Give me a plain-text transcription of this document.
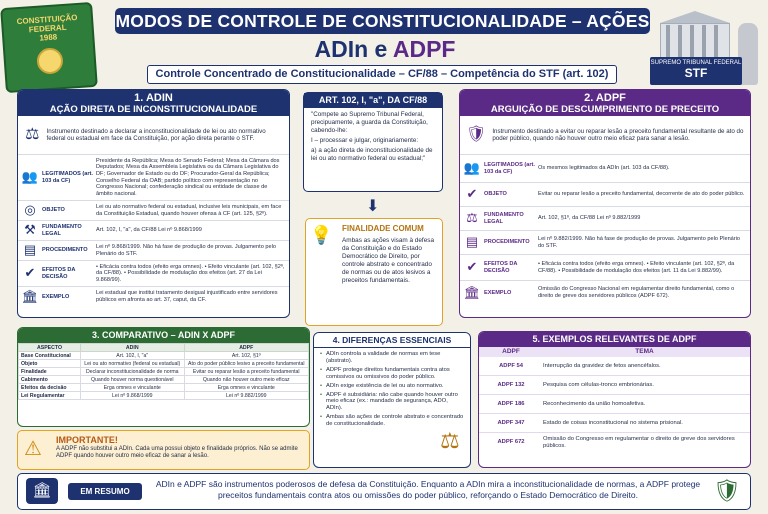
CONSTITUIÇÃO
FEDERAL
1988
SUPREMO TRIBUNAL FEDERAL
STF
MODOS DE CONTROLE DE CONSTITUCIONALIDADE – AÇÕES
ADIn e ADPF
Controle Concentrado de Constitucionalidade – CF/88 – Competência do STF (art. 102)
1. ADIN
AÇÃO DIRETA DE INCONSTITUCIONALIDADE
⚖ Instrumento destinado a declarar a inconstitucionalidade de lei ou ato normativo federal ou estadual em face da Constituição, por ação direta perante o STF.
👥 LEGITIMADOS (art. 103 da CF)
Presidente da República; Mesa do Senado Federal; Mesa da Câmara dos Deputados; Mesa da Assembleia Legislativa ou da Câmara Legislativa do DF; Governador de Estado ou do DF; Procurador-Geral da República; Conselho Federal da OAB; partido político com representação no Congresso Nacional; confederação sindical ou entidade de classe de âmbito nacional.
◎	OBJETO
Lei ou ato normativo federal ou estadual, inclusive leis municipais, em face da Constituição Estadual, quando houver ofensa à CF (art. 125, §2º).
⚒	FUNDAMENTO LEGAL
Art. 102, I, "a", da CF/88 Lei nº 9.868/1999
▤	PROCEDIMENTO
Lei nº 9.868/1999. Não há fase de produção de provas. Julgamento pelo Plenário do STF.
✔	EFEITOS DA DECISÃO
• Eficácia contra todos (efeito erga omnes). • Efeito vinculante (art. 102, §2º, da CF/88). • Possibilidade de modulação dos efeitos (art. 27 da Lei 9.868/99).
🏛 EXEMPLO
Lei estadual que institui tratamento desigual injustificado entre servidores públicos em afronta ao art. 37, caput, da CF.
ART. 102, I, "a", DA CF/88

"Compete ao Supremo Tribunal Federal, precipuamente, a guarda da Constituição, cabendo-lhe:

I – processar e julgar, originariamente:

a) a ação direta de inconstitucionalidade de lei ou ato normativo federal ou estadual;"

⬇
💡 FINALIDADE COMUM
Ambas as ações visam à defesa da Constituição e do Estado Democrático de Direito, por controle abstrato e concentrado de normas ou de atos lesivos a preceitos fundamentais.
2. ADPF
ARGUIÇÃO DE DESCUMPRIMENTO DE PRECEITO FUNDAMENTAL
🛡 Instrumento destinado a evitar ou reparar lesão a preceito fundamental resultante de ato do poder público, quando não houver outro meio eficaz para sanar a lesão.
👥 LEGITIMADOS (art. 103 da CF)
Os mesmos legitimados da ADIn (art. 103 da CF/88).
✔	OBJETO	Evitar ou reparar lesão a preceito fundamental, decorrente de ato do poder público.
⚖	FUNDAMENTO LEGAL
Art. 102, §1º, da CF/88 Lei nº 9.882/1999
▤	PROCEDIMENTO
Lei nº 9.882/1999. Não há fase de produção de provas. Julgamento pelo Plenário do STF.
✔	EFEITOS DA DECISÃO
• Eficácia contra todos (efeito erga omnes). • Efeito vinculante (art. 102, §2º, da CF/88). • Possibilidade de modulação dos efeitos (art. 11 da Lei 9.882/99).
🏛 EXEMPLO
Omissão do Congresso Nacional em regulamentar direito fundamental, como o direito de greve dos servidores públicos (ADPF 672).
3. COMPARATIVO – ADIN X ADPF
ASPECTO	ADIN	ADPF
Base Constitucional	Art. 102, I, "a"	Art. 102, §1º
Objeto	Lei ou ato normativo (federal ou estadual)	Ato do poder público lesivo a preceito fundamental
Finalidade	Declarar inconstitucionalidade de norma	Evitar ou reparar lesão a preceito fundamental
Cabimento	Quando houver norma questionável	Quando não houver outro meio eficaz
Efeitos da decisão	Erga omnes e vinculante	Erga omnes e vinculante
Lei Regulamentar	Lei nº 9.868/1999	Lei nº 9.882/1999
⚠ IMPORTANTE!
A ADPF não substitui a ADIn. Cada uma possui objeto e finalidade próprios. Não se admite ADPF quando houver outro meio eficaz de sanar a lesão.
4. DIFERENÇAS ESSENCIAIS
• ADIn controla a validade de normas em tese (abstrato).
• ADPF protege direitos fundamentais contra atos comissivos ou omissivos do poder público.
• ADIn exige existência de lei ou ato normativo.
• ADPF é subsidiária: não cabe quando houver outro meio eficaz (ex.: mandado de segurança, ADO, ADIn).
• Ambas são ações de controle abstrato e concentrado de constitucionalidade.
⚖
5. EXEMPLOS RELEVANTES DE ADPF
ADPF	TEMA
ADPF 54	Interrupção da gravidez de fetos anencéfalos.
ADPF 132	Pesquisa com células-tronco embrionárias.
ADPF 186	Reconhecimento da união homoafetiva.
ADPF 347	Estado de coisas inconstitucional no sistema prisional.
ADPF 672
Omissão do Congresso em regulamentar o direito de greve dos servidores públicos.
🏛	EM RESUMO
ADIn e ADPF são instrumentos poderosos de defesa da Constituição. Enquanto a ADIn mira a inconstitucionalidade de normas, a ADPF protege preceitos fundamentais contra atos ou omissões do poder público, reforçando o Estado Democrático de Direito.	🛡
